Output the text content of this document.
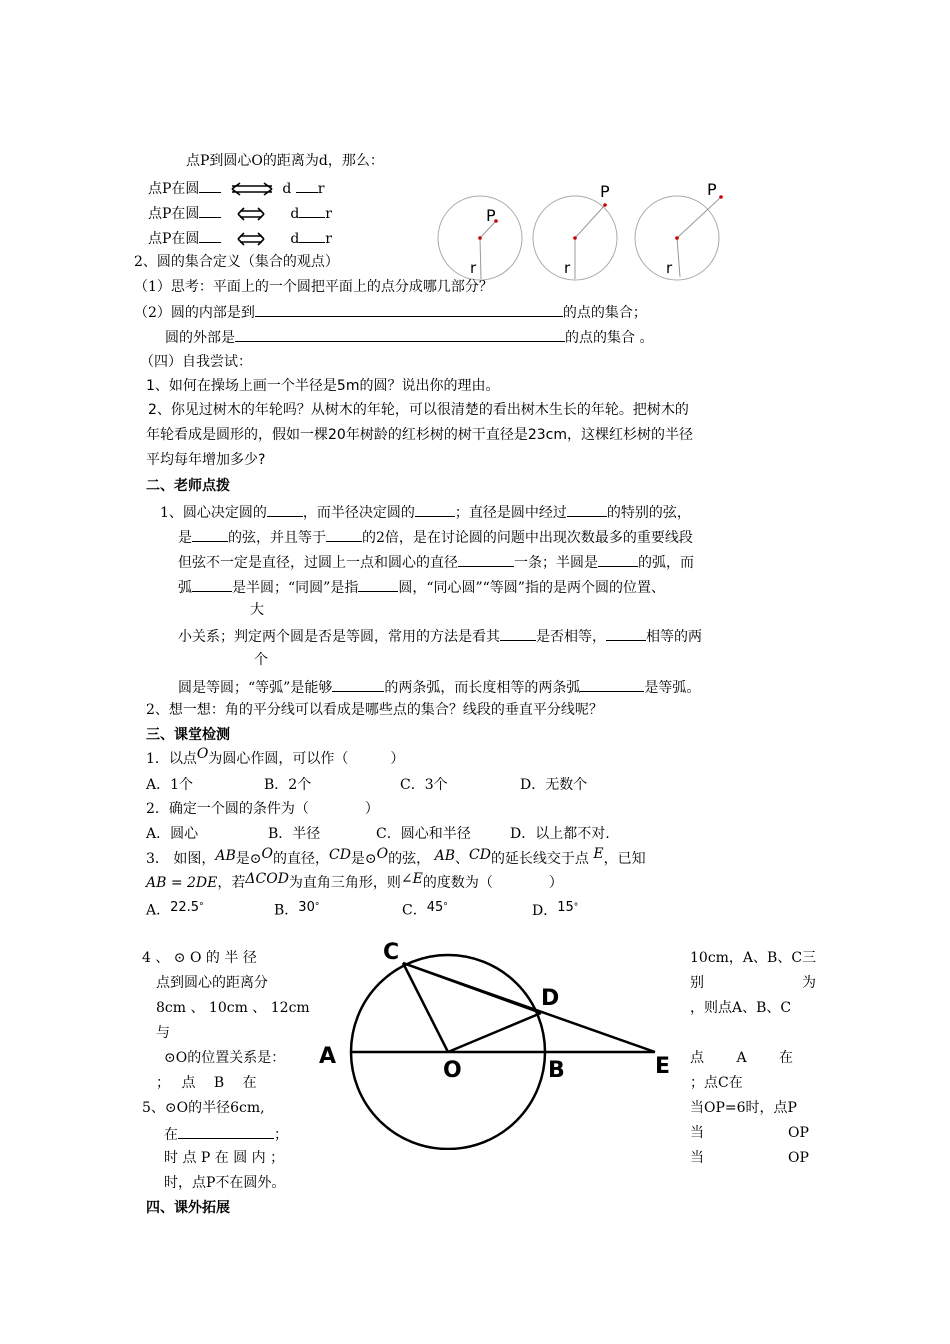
点P到圆心O的距离为d，那么：
点P在圆	d r
点P在圆	d r
点P在圆	d r
P
r
P
r
P
r
2、圆的集合定义（集合的观点）
（1）思考：平面上的一个圆把平面上的点分成哪几部分？
（2）圆的内部是到	的点的集合；
圆的外部是	的点的集合 。
（四）自我尝试：
1、如何在操场上画一个半径是5m的圆？说出你的理由。
2、你见过树木的年轮吗？从树木的年轮，可以很清楚的看出树木生长的年轮。把树木的
年轮看成是圆形的，假如一棵20年树龄的红杉树的树干直径是23cm，这棵红杉树的半径
平均每年增加多少?
二、老师点拨
1、圆心决定圆的	，而半径决定圆的	；直径是圆中经过	的特别的弦，
是	的弦，并且等于	的2倍，是在讨论圆的问题中出现次数最多的重要线段
但弦不一定是直径，过圆上一点和圆心的直径	一条；半圆是	的弧，而
弧	是半圆；“同圆”是指	圆，“同心圆”“等圆”指的是两个圆的位置、
大
小关系；判定两个圆是否是等圆，常用的方法是看其	是否相等，	相等的两
个
圆是等圆；“等弧”是能够	的两条弧，而长度相等的两条弧	是等弧。
2、想一想：角的平分线可以看成是哪些点的集合？线段的垂直平分线呢？
三、课堂检测
1．以点O为圆心作圆，可以作（　　　）
A．1个	B．2个	C．3个	D．无数个
2．确定一个圆的条件为（　　　　）
A．圆心	B．半径	C．圆心和半径	D．以上都不对.
3． 如图，AB是⊙O的直径，CD是⊙O的弦， AB、CD的延长线交于点 E，已知
AB = 2DE，若ΔCOD为直角三角形，则∠E的度数为（　　　　）
A．22.5°	B．30°	C．45°	D．15°
4 、 ⊙ O 的 半 径
点到圆心的距离分
8cm 、 10cm 、 12cm
与
⊙O的位置关系是：
；　 点　 B　 在
5、⊙O的半径6cm,
在	；
时 点 P 在 圆 内 ；
时，点P不在圆外。
A
C
D
O	B	E
10cm，A、B、C三
别　　　　　　　为
，则点A、B、C
点　　 A　　 在
；点C在
当OP=6时，点P
当　　　　　　OP
当　　　　　　OP
四、课外拓展
